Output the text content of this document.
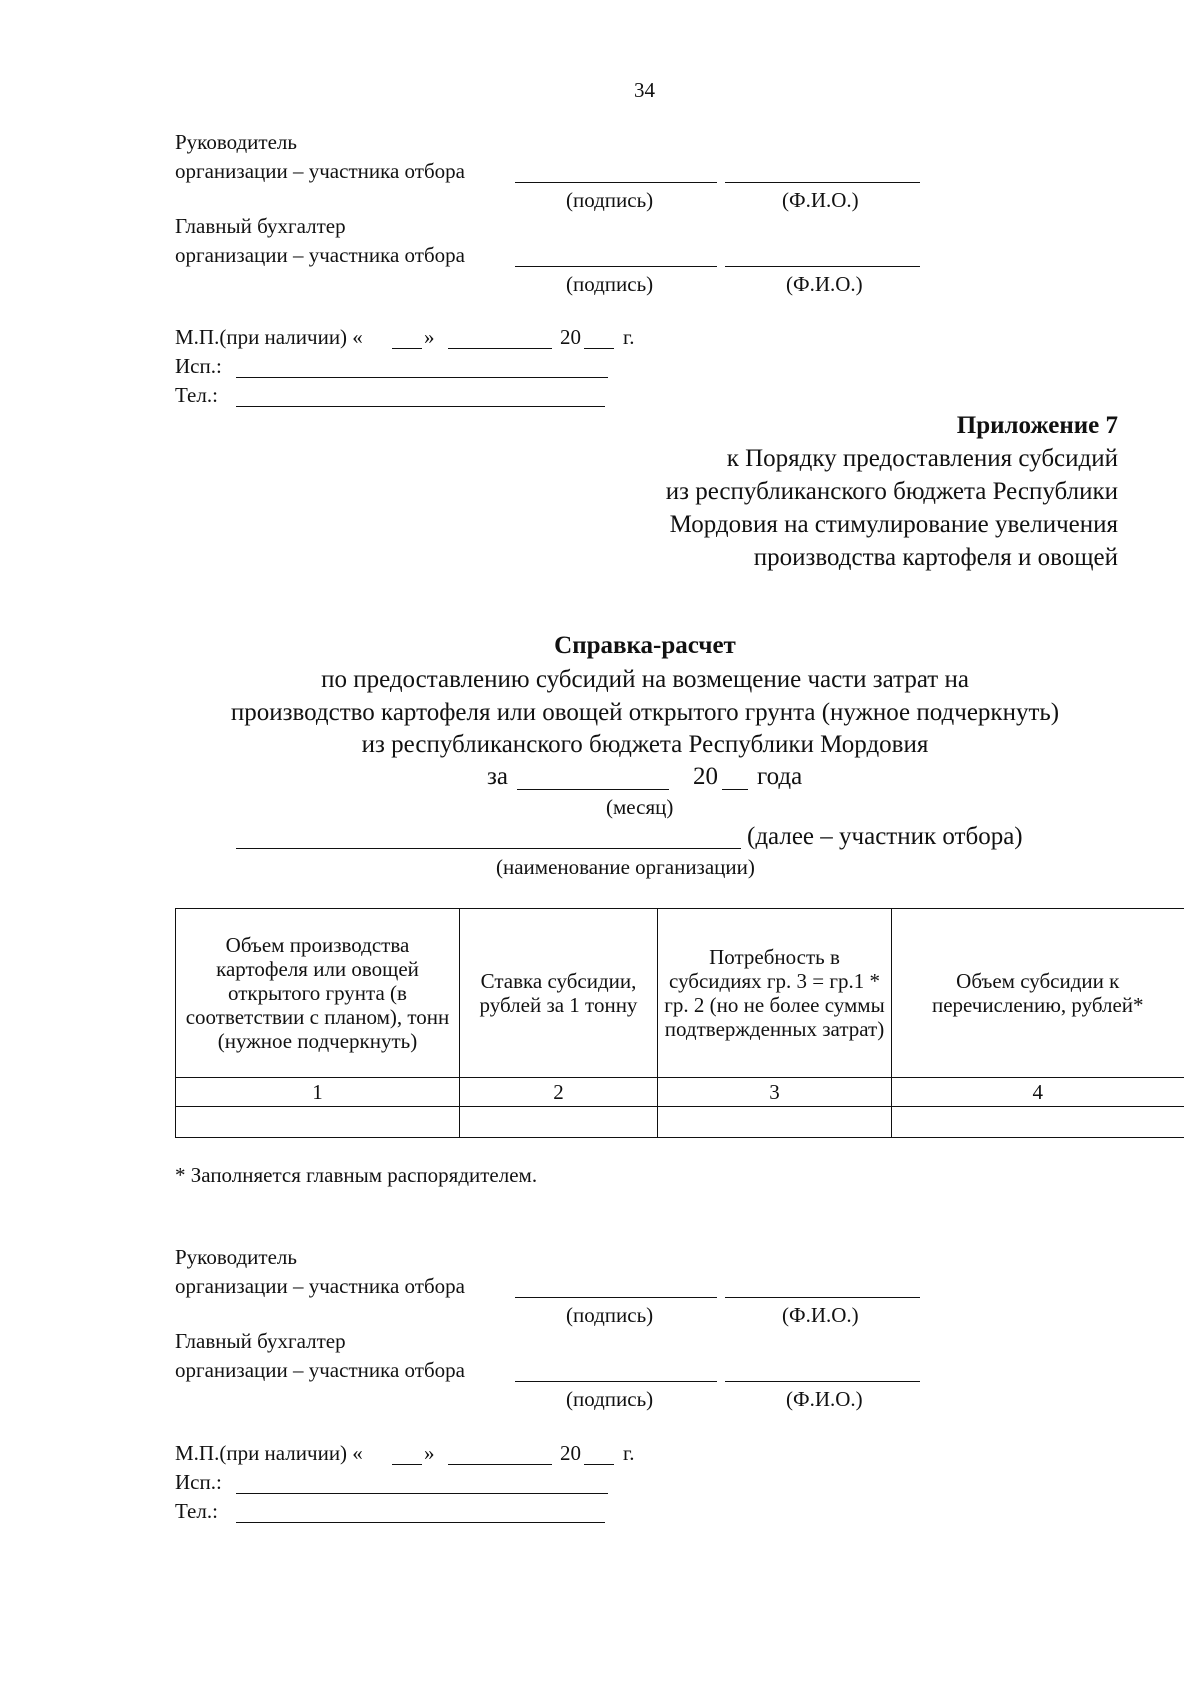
34
Руководитель
организации – участника отбора
(подпись)	(Ф.И.О.)
Главный бухгалтер
организации – участника отбора
(подпись)	(Ф.И.О.)
М.П.(при наличии) «	»	20 г.
Исп.:
Тел.:
Приложение 7
к Порядку предоставления субсидий
из республиканского бюджета Республики
Мордовия на стимулирование увеличения
производства картофеля и овощей
Справка-расчет
по предоставлению субсидий на возмещение части затрат на
производство картофеля или овощей открытого грунта (нужное подчеркнуть)
из республиканского бюджета Республики Мордовия
за	20 года
(месяц)
(далее – участник отбора)
(наименование организации)
Объем производства картофеля или овощей открытого грунта (в соответствии с планом), тонн (нужное подчеркнуть)	Ставка субсидии, рублей за 1 тонну	Потребность в субсидиях гр. 3 = гр.1 * гр. 2 (но не более суммы подтвержденных затрат)	Объем субсидии к перечислению, рублей*
1	2	3	4

* Заполняется главным распорядителем.
Руководитель
организации – участника отбора
(подпись)	(Ф.И.О.)
Главный бухгалтер
организации – участника отбора
(подпись)	(Ф.И.О.)
М.П.(при наличии) «	»	20 г.
Исп.:
Тел.:
